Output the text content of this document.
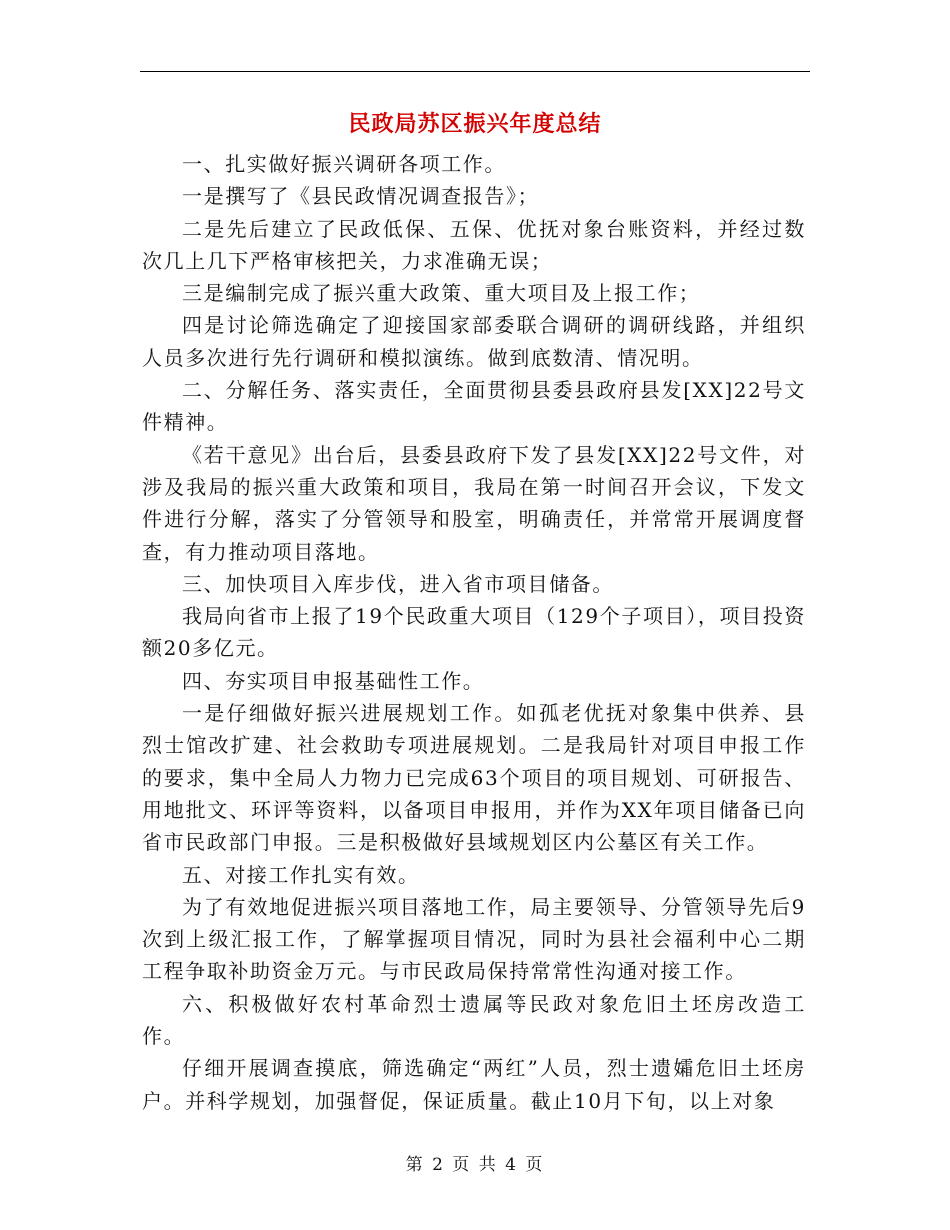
民政局苏区振兴年度总结

一、扎实做好振兴调研各项工作。

一是撰写了《县民政情况调查报告》；

二是先后建立了民政低保、五保、优抚对象台账资料，并经过数次几上几下严格审核把关，力求准确无误；

三是编制完成了振兴重大政策、重大项目及上报工作；

四是讨论筛选确定了迎接国家部委联合调研的调研线路，并组织人员多次进行先行调研和模拟演练。做到底数清、情况明。

二、分解任务、落实责任，全面贯彻县委县政府县发[XX]22号文件精神。

《若干意见》出台后，县委县政府下发了县发[XX]22号文件，对涉及我局的振兴重大政策和项目，我局在第一时间召开会议，下发文件进行分解，落实了分管领导和股室，明确责任，并常常开展调度督查，有力推动项目落地。

三、加快项目入库步伐，进入省市项目储备。

我局向省市上报了19个民政重大项目（129个子项目），项目投资额20多亿元。

四、夯实项目申报基础性工作。

一是仔细做好振兴进展规划工作。如孤老优抚对象集中供养、县烈士馆改扩建、社会救助专项进展规划。二是我局针对项目申报工作的要求，集中全局人力物力已完成63个项目的项目规划、可研报告、用地批文、环评等资料，以备项目申报用，并作为XX年项目储备已向省市民政部门申报。三是积极做好县域规划区内公墓区有关工作。

五、对接工作扎实有效。

为了有效地促进振兴项目落地工作，局主要领导、分管领导先后9次到上级汇报工作，了解掌握项目情况，同时为县社会福利中心二期工程争取补助资金万元。与市民政局保持常常性沟通对接工作。

六、积极做好农村革命烈士遗属等民政对象危旧土坯房改造工作。

仔细开展调查摸底，筛选确定“两红”人员，烈士遗孀危旧土坯房户。并科学规划，加强督促，保证质量。截止10月下旬，以上对象

第 2 页 共 4 页
